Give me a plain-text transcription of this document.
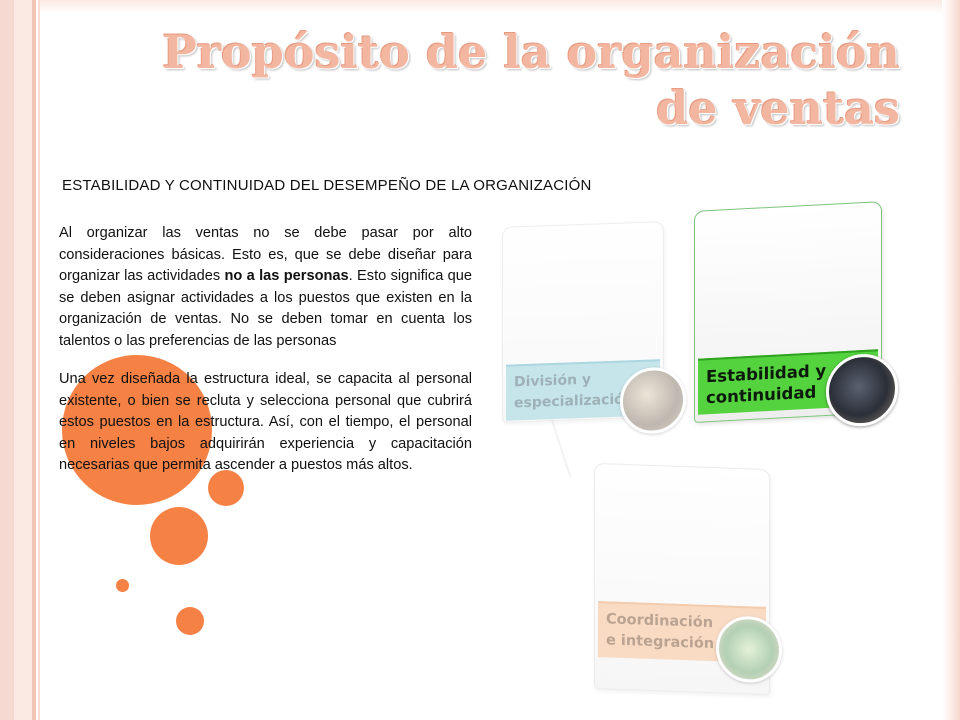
Propósito de la organización de ventas

ESTABILIDAD Y CONTINUIDAD DEL DESEMPEÑO DE LA ORGANIZACIÓN

Al organizar las ventas no se debe pasar por alto consideraciones básicas. Esto es, que se debe diseñar para organizar las actividades no a las personas. Esto significa que se deben asignar actividades a los puestos que existen en la organización de ventas. No se deben tomar en cuenta los talentos o las preferencias de las personas

Una vez diseñada la estructura ideal, se capacita al personal existente, o bien se recluta y selecciona personal que cubrirá estos puestos en la estructura. Así, con el tiempo, el personal en niveles bajos adquirirán experiencia y capacitación necesarias que permita ascender a puestos más altos.

División y especialización
Estabilidad y continuidad
Coordinación e integración
